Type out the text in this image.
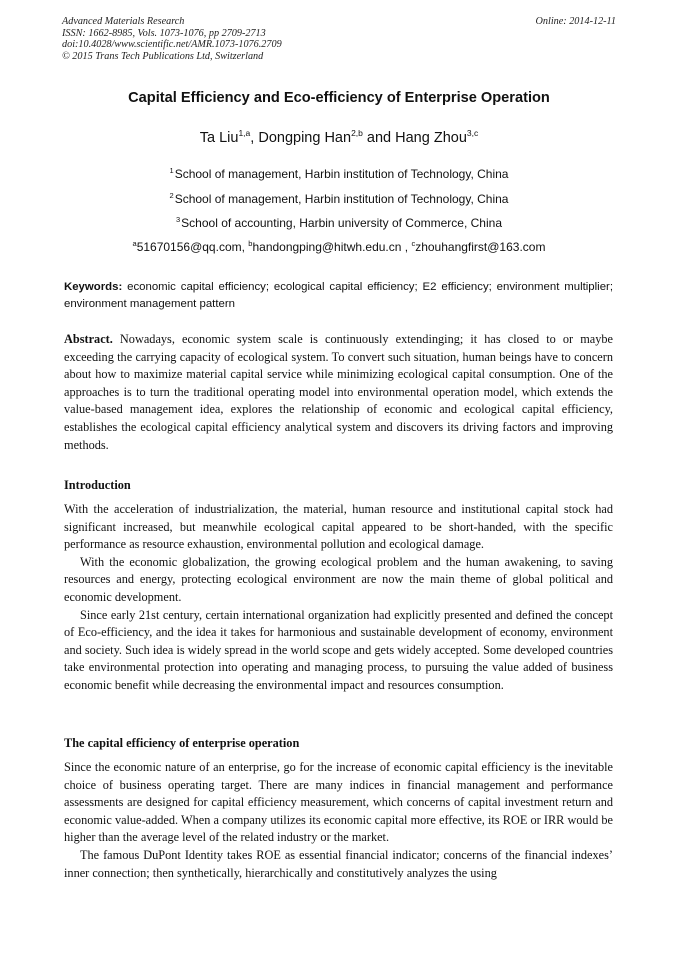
Advanced Materials Research
ISSN: 1662-8985, Vols. 1073-1076, pp 2709-2713
doi:10.4028/www.scientific.net/AMR.1073-1076.2709
© 2015 Trans Tech Publications Ltd, Switzerland
Online: 2014-12-11
Capital Efficiency and Eco-efficiency of Enterprise Operation
Ta Liu$^{1,a}$, Dongping Han$^{2,b}$ and Hang Zhou$^{3,c}$
$^1$School of management, Harbin institution of Technology, China
$^2$School of management, Harbin institution of Technology, China
$^3$School of accounting, Harbin university of Commerce, China
$^a$51670156@qq.com, $^b$handongping@hitwh.edu.cn , $^c$zhouhangfirst@163.com
Keywords: economic capital efficiency; ecological capital efficiency; E2 efficiency; environment multiplier; environment management pattern

Abstract. Nowadays, economic system scale is continuously extendinging; it has closed to or maybe exceeding the carrying capacity of ecological system. To convert such situation, human beings have to concern about how to maximize material capital service while minimizing ecological capital consumption. One of the approaches is to turn the traditional operating model into environmental operation model, which extends the value-based management idea, explores the relationship of economic and ecological capital efficiency, establishes the ecological capital efficiency analytical system and discovers its driving factors and improving methods.

Introduction

With the acceleration of industrialization, the material, human resource and institutional capital stock had significant increased, but meanwhile ecological capital appeared to be short-handed, with the specific performance as resource exhaustion, environmental pollution and ecological damage.

With the economic globalization, the growing ecological problem and the human awakening, to saving resources and energy, protecting ecological environment are now the main theme of global political and economic development.

Since early 21st century, certain international organization had explicitly presented and defined the concept of Eco-efficiency, and the idea it takes for harmonious and sustainable development of economy, environment and society. Such idea is widely spread in the world scope and gets widely accepted. Some developed countries take environmental protection into operating and managing process, to pursuing the value added of business economic benefit while decreasing the environmental impact and resources consumption.

The capital efficiency of enterprise operation

Since the economic nature of an enterprise, go for the increase of economic capital efficiency is the inevitable choice of business operating target. There are many indices in financial management and performance assessments are designed for capital efficiency measurement, which concerns of capital investment return and economic value-added. When a company utilizes its economic capital more effective, its ROE or IRR would be higher than the average level of the related industry or the market.

The famous DuPont Identity takes ROE as essential financial indicator; concerns of the financial indexes’ inner connection; then synthetically, hierarchically and constitutively analyzes the using
